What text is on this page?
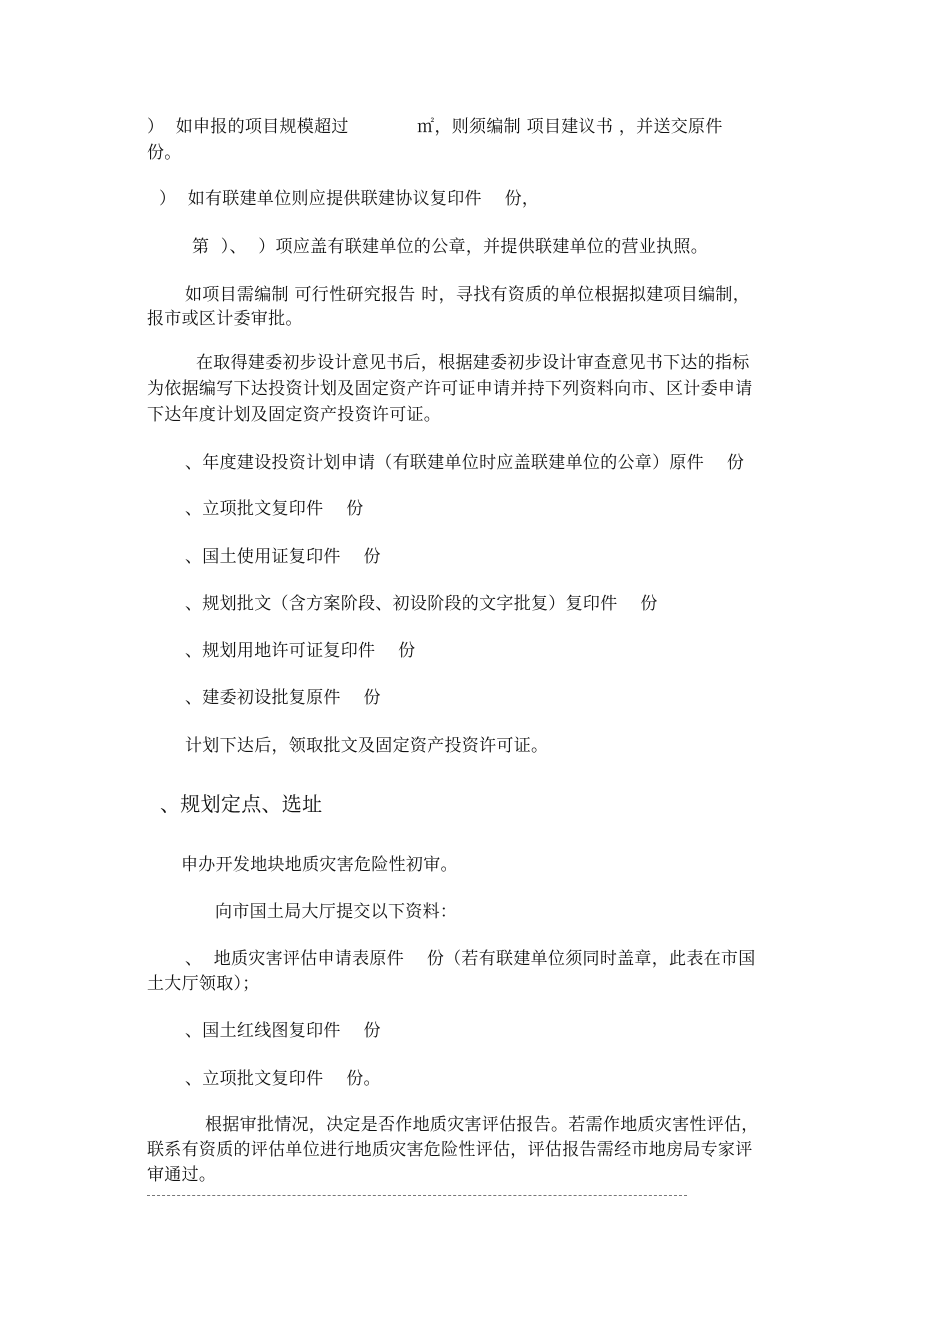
）  如申报的项目规模超过            ㎡，则须编制 项目建议书 ，并送交原件
份。
）  如有联建单位则应提供联建协议复印件    份，
第  ）、  ）项应盖有联建单位的公章，并提供联建单位的营业执照。
如项目需编制 可行性研究报告 时，寻找有资质的单位根据拟建项目编制，
报市或区计委审批。
在取得建委初步设计意见书后，根据建委初步设计审查意见书下达的指标
为依据编写下达投资计划及固定资产许可证申请并持下列资料向市、区计委申请
下达年度计划及固定资产投资许可证。
、年度建设投资计划申请（有联建单位时应盖联建单位的公章）原件    份
、立项批文复印件    份
、国土使用证复印件    份
、规划批文（含方案阶段、初设阶段的文字批复）复印件    份
、规划用地许可证复印件    份
、建委初设批复原件    份
计划下达后，领取批文及固定资产投资许可证。
、规划定点、选址
申办开发地块地质灾害危险性初审。
向市国土局大厅提交以下资料：
、  地质灾害评估申请表原件    份（若有联建单位须同时盖章，此表在市国
土大厅领取）；
、国土红线图复印件    份
、立项批文复印件    份。
根据审批情况，决定是否作地质灾害评估报告。若需作地质灾害性评估，
联系有资质的评估单位进行地质灾害危险性评估，评估报告需经市地房局专家评
审通过。
